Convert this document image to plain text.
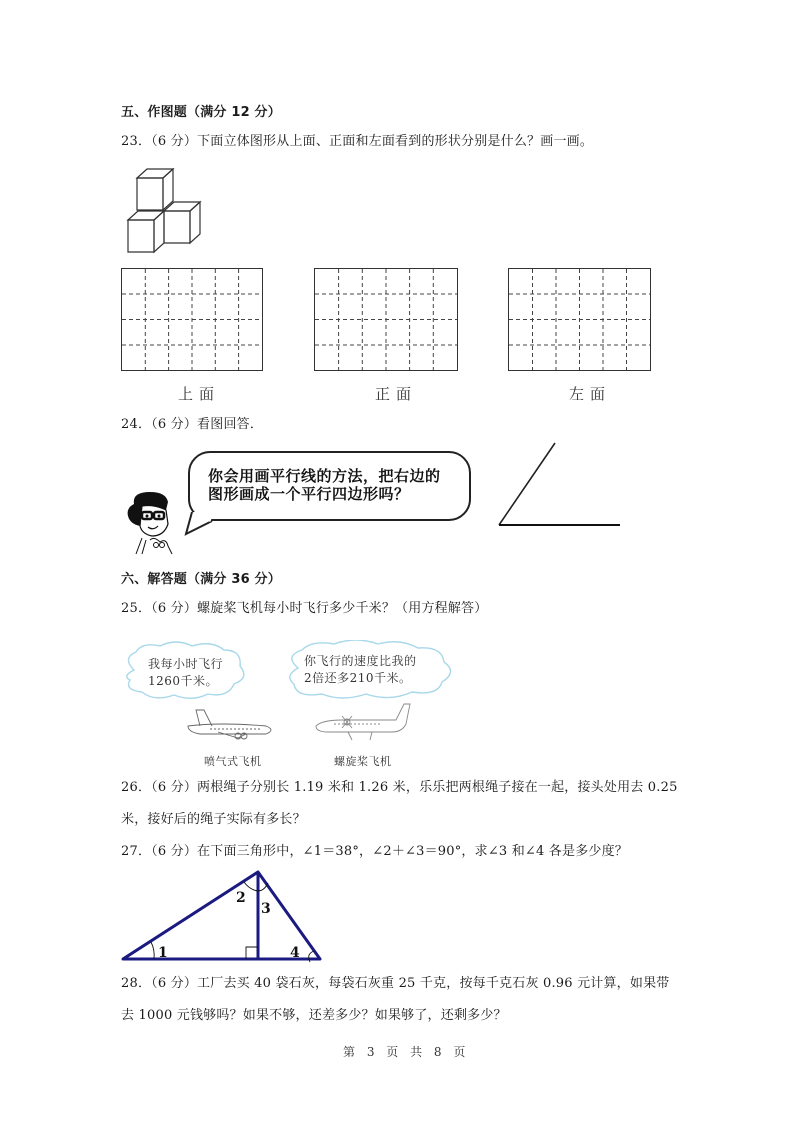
五、作图题（满分 12 分）
23．（6 分）下面立体图形从上面、正面和左面看到的形状分别是什么？画一画。
上面	正面	左面
24．（6 分）看图回答．
你会用画平行线的方法，把右边的
图形画成一个平行四边形吗？
六、解答题（满分 36 分）
25．（6 分）螺旋桨飞机每小时飞行多少千米？（用方程解答）
我每小时飞行
1260千米。
你飞行的速度比我的
2倍还多210千米。
喷气式飞机	螺旋桨飞机
26．（6 分）两根绳子分别长 1.19 米和 1.26 米，乐乐把两根绳子接在一起，接头处用去 0.25
米，接好后的绳子实际有多长？
27．（6 分）在下面三角形中，∠1＝38°，∠2＋∠3＝90°，求∠3 和∠4 各是多少度？
1
2
3
4
28．（6 分）工厂去买 40 袋石灰，每袋石灰重 25 千克，按每千克石灰 0.96 元计算，如果带
去 1000 元钱够吗？如果不够，还差多少？如果够了，还剩多少？
第 3 页 共 8 页
